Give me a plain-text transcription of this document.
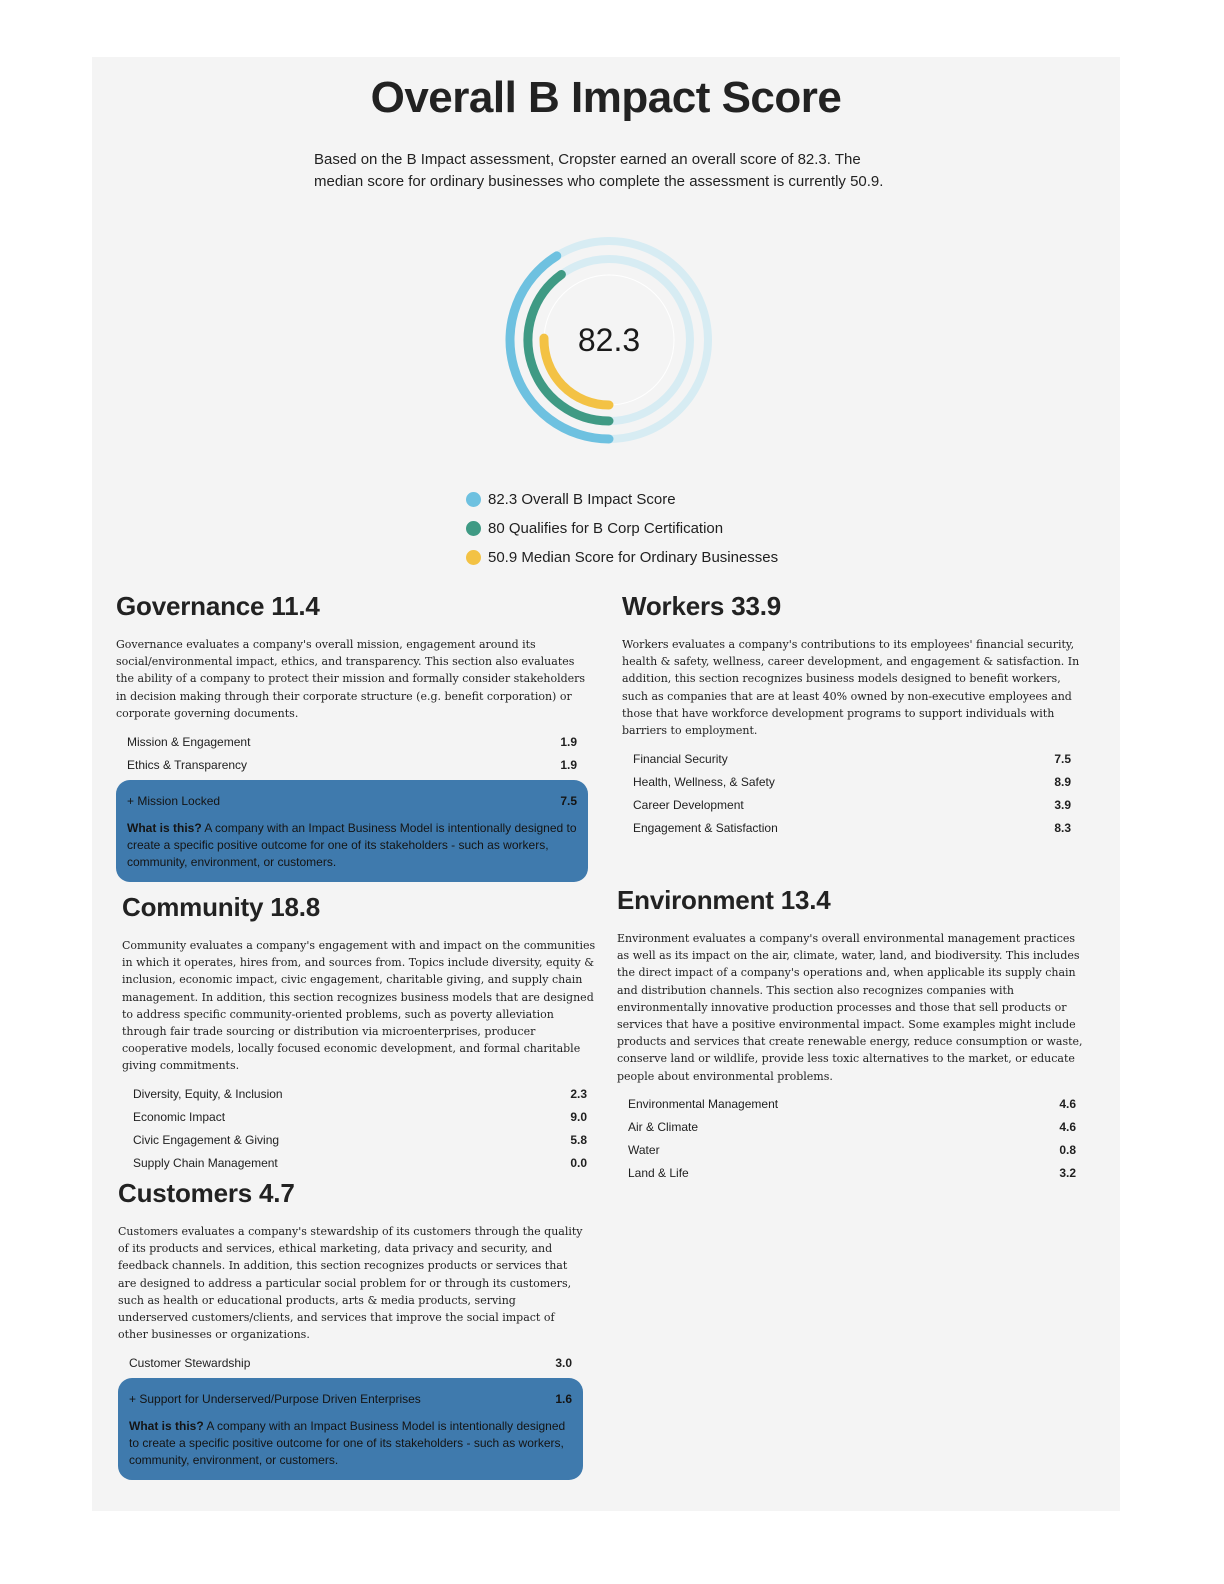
Overall B Impact Score

Based on the B Impact assessment, Cropster earned an overall score of 82.3. The median score for ordinary businesses who complete the assessment is currently 50.9.

82.3
82.3 Overall B Impact Score
80 Qualifies for B Corp Certification
50.9 Median Score for Ordinary Businesses
Governance 11.4

Governance evaluates a company's overall mission, engagement around its social/environmental impact, ethics, and transparency. This section also evaluates the ability of a company to protect their mission and formally consider stakeholders in decision making through their corporate structure (e.g. benefit corporation) or corporate governing documents.

Mission & Engagement	1.9
Ethics & Transparency	1.9
+ Mission Locked	7.5

What is this? A company with an Impact Business Model is intentionally designed to create a specific positive outcome for one of its stakeholders - such as workers, community, environment, or customers.

Workers 33.9

Workers evaluates a company's contributions to its employees' financial security, health & safety, wellness, career development, and engagement & satisfaction. In addition, this section recognizes business models designed to benefit workers, such as companies that are at least 40% owned by non-executive employees and those that have workforce development programs to support individuals with barriers to employment.

Financial Security	7.5
Health, Wellness, & Safety	8.9
Career Development	3.9
Engagement & Satisfaction	8.3
Community 18.8

Community evaluates a company's engagement with and impact on the communities in which it operates, hires from, and sources from. Topics include diversity, equity & inclusion, economic impact, civic engagement, charitable giving, and supply chain management. In addition, this section recognizes business models that are designed to address specific community-oriented problems, such as poverty alleviation through fair trade sourcing or distribution via microenterprises, producer cooperative models, locally focused economic development, and formal charitable giving commitments.

Diversity, Equity, & Inclusion	2.3
Economic Impact	9.0
Civic Engagement & Giving	5.8
Supply Chain Management	0.0
Environment 13.4

Environment evaluates a company's overall environmental management practices as well as its impact on the air, climate, water, land, and biodiversity. This includes the direct impact of a company's operations and, when applicable its supply chain and distribution channels. This section also recognizes companies with environmentally innovative production processes and those that sell products or services that have a positive environmental impact. Some examples might include products and services that create renewable energy, reduce consumption or waste, conserve land or wildlife, provide less toxic alternatives to the market, or educate people about environmental problems.

Environmental Management	4.6
Air & Climate	4.6
Water	0.8
Land & Life	3.2
Customers 4.7

Customers evaluates a company's stewardship of its customers through the quality of its products and services, ethical marketing, data privacy and security, and feedback channels. In addition, this section recognizes products or services that are designed to address a particular social problem for or through its customers, such as health or educational products, arts & media products, serving underserved customers/clients, and services that improve the social impact of other businesses or organizations.

Customer Stewardship	3.0
+ Support for Underserved/Purpose Driven Enterprises	1.6

What is this? A company with an Impact Business Model is intentionally designed to create a specific positive outcome for one of its stakeholders - such as workers, community, environment, or customers.
